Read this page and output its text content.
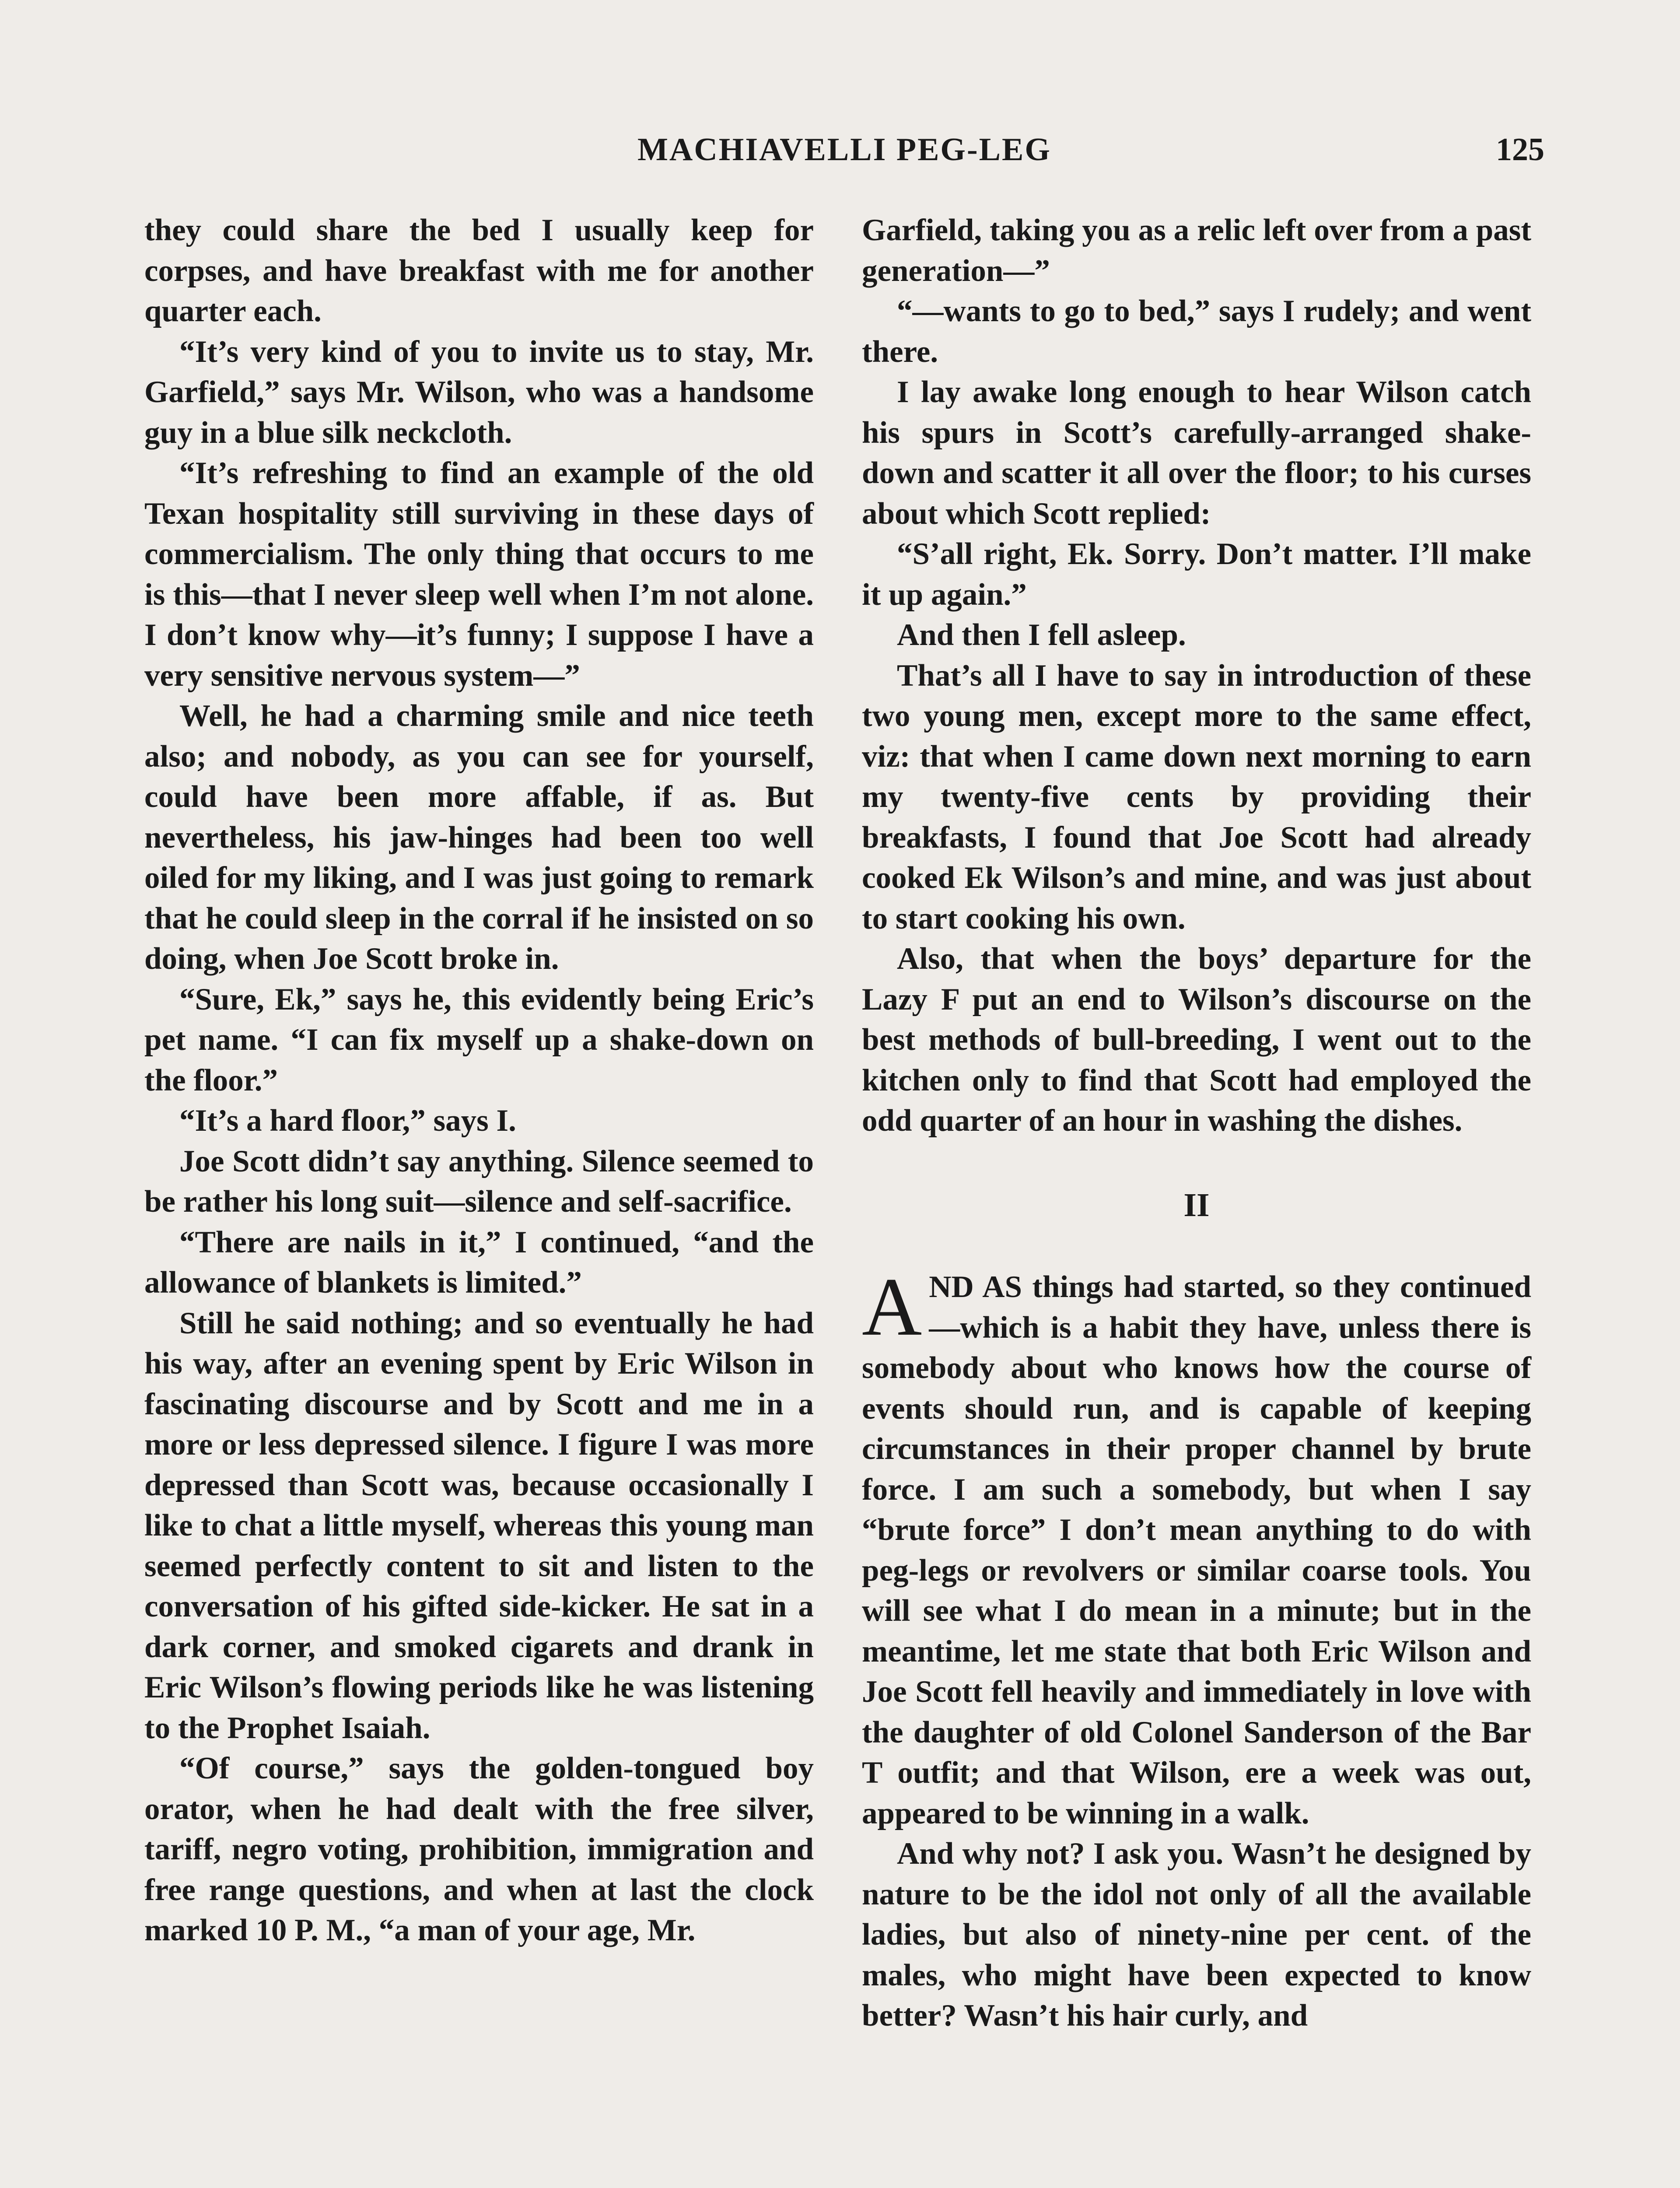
MACHIAVELLI PEG-LEG	125

they could share the bed I usually keep for corpses, and have breakfast with me for another quarter each.

“It’s very kind of you to invite us to stay, Mr. Garfield,” says Mr. Wilson, who was a handsome guy in a blue silk neckcloth.

“It’s refreshing to find an example of the old Texan hospitality still surviving in these days of commercialism. The only thing that occurs to me is this—that I never sleep well when I’m not alone. I don’t know why—it’s funny; I suppose I have a very sensitive nervous system—”

Well, he had a charming smile and nice teeth also; and nobody, as you can see for yourself, could have been more affable, if as. But nevertheless, his jaw-hinges had been too well oiled for my liking, and I was just going to remark that he could sleep in the corral if he insisted on so doing, when Joe Scott broke in.

“Sure, Ek,” says he, this evidently being Eric’s pet name. “I can fix myself up a shake-down on the floor.”

“It’s a hard floor,” says I.

Joe Scott didn’t say anything. Silence seemed to be rather his long suit—silence and self-sacrifice.

“There are nails in it,” I continued, “and the allowance of blankets is limited.”

Still he said nothing; and so eventually he had his way, after an evening spent by Eric Wilson in fascinating discourse and by Scott and me in a more or less depressed silence. I figure I was more depressed than Scott was, because occasionally I like to chat a little myself, whereas this young man seemed perfectly content to sit and listen to the conversation of his gifted side-kicker. He sat in a dark corner, and smoked cigarets and drank in Eric Wilson’s flowing periods like he was listening to the Prophet Isaiah.

“Of course,” says the golden-tongued boy orator, when he had dealt with the free silver, tariff, negro voting, prohibition, immigration and free range questions, and when at last the clock marked 10 P. M., “a man of your age, Mr.

Garfield, taking you as a relic left over from a past generation—”

“—wants to go to bed,” says I rudely; and went there.

I lay awake long enough to hear Wilson catch his spurs in Scott’s carefully-arranged shake-down and scatter it all over the floor; to his curses about which Scott replied:

“S’all right, Ek. Sorry. Don’t matter. I’ll make it up again.”

And then I fell asleep.

That’s all I have to say in introduction of these two young men, except more to the same effect, viz: that when I came down next morning to earn my twenty-five cents by providing their breakfasts, I found that Joe Scott had already cooked Ek Wilson’s and mine, and was just about to start cooking his own.

Also, that when the boys’ departure for the Lazy F put an end to Wilson’s discourse on the best methods of bull-breeding, I went out to the kitchen only to find that Scott had employed the odd quarter of an hour in washing the dishes.

II

AND AS things had started, so they continued—which is a habit they have, unless there is somebody about who knows how the course of events should run, and is capable of keeping circumstances in their proper channel by brute force. I am such a somebody, but when I say “brute force” I don’t mean anything to do with peg-legs or revolvers or similar coarse tools. You will see what I do mean in a minute; but in the meantime, let me state that both Eric Wilson and Joe Scott fell heavily and immediately in love with the daughter of old Colonel Sanderson of the Bar T outfit; and that Wilson, ere a week was out, appeared to be winning in a walk.

And why not? I ask you. Wasn’t he designed by nature to be the idol not only of all the available ladies, but also of ninety-nine per cent. of the males, who might have been expected to know better? Wasn’t his hair curly, and
